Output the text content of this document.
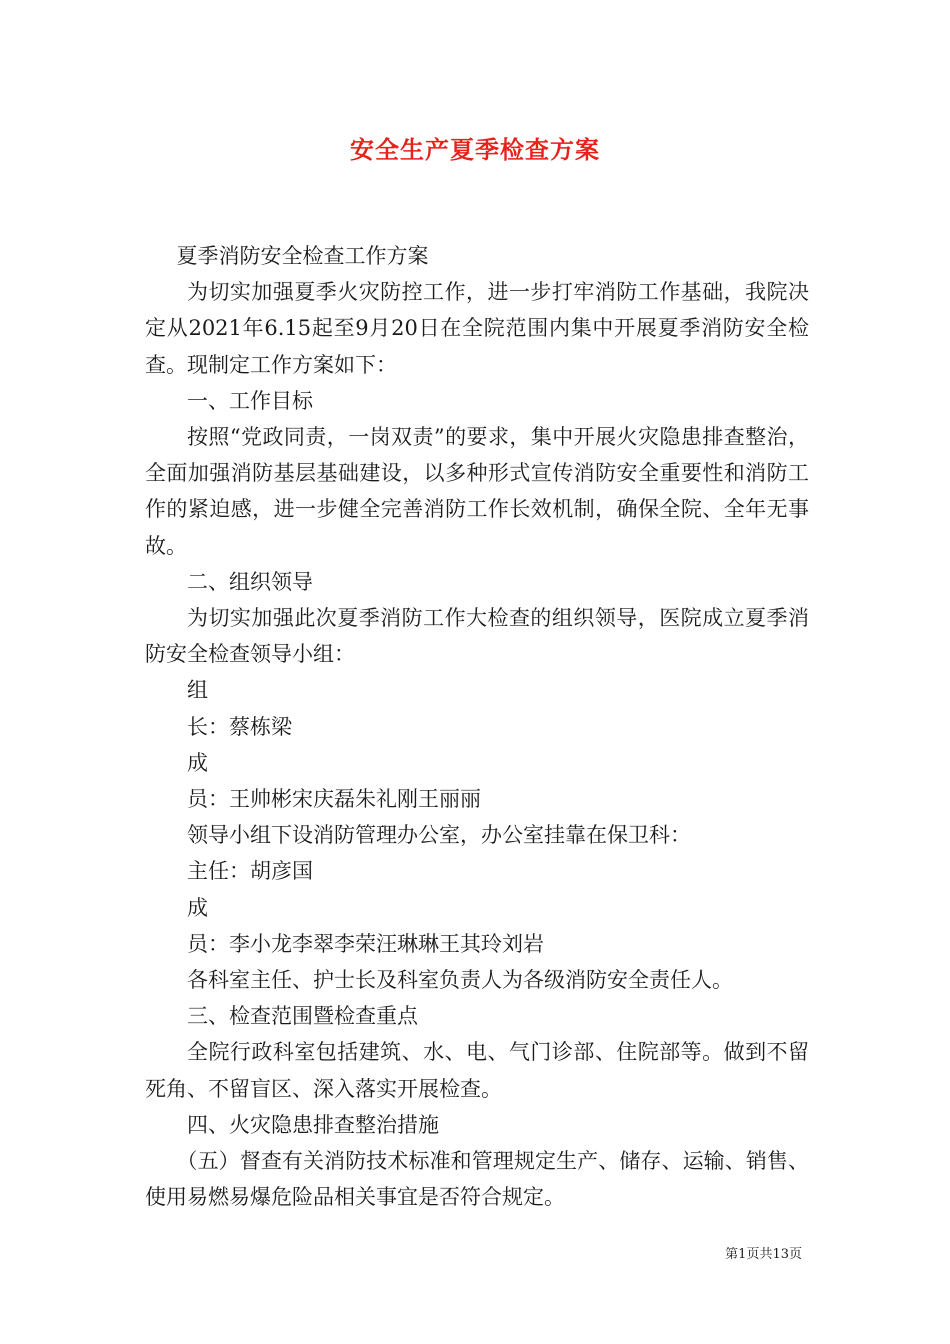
安全生产夏季检查方案

夏季消防安全检查工作方案

为切实加强夏季火灾防控工作，进一步打牢消防工作基础，我院决定从2021年6.15起至9月20日在全院范围内集中开展夏季消防安全检查。现制定工作方案如下：

一、工作目标

按照“党政同责，一岗双责”的要求，集中开展火灾隐患排查整治，全面加强消防基层基础建设，以多种形式宣传消防安全重要性和消防工作的紧迫感，进一步健全完善消防工作长效机制，确保全院、全年无事故。

二、组织领导

为切实加强此次夏季消防工作大检查的组织领导，医院成立夏季消防安全检查领导小组：

组

长：蔡栋梁

成

员：王帅彬宋庆磊朱礼刚王丽丽

领导小组下设消防管理办公室，办公室挂靠在保卫科：

主任：胡彦国

成

员：李小龙李翠李荣汪琳琳王其玲刘岩

各科室主任、护士长及科室负责人为各级消防安全责任人。

三、检查范围暨检查重点

全院行政科室包括建筑、水、电、气门诊部、住院部等。做到不留死角、不留盲区、深入落实开展检查。

四、火灾隐患排查整治措施

（五）督查有关消防技术标准和管理规定生产、储存、运输、销售、使用易燃易爆危险品相关事宜是否符合规定。

第1页共13页
